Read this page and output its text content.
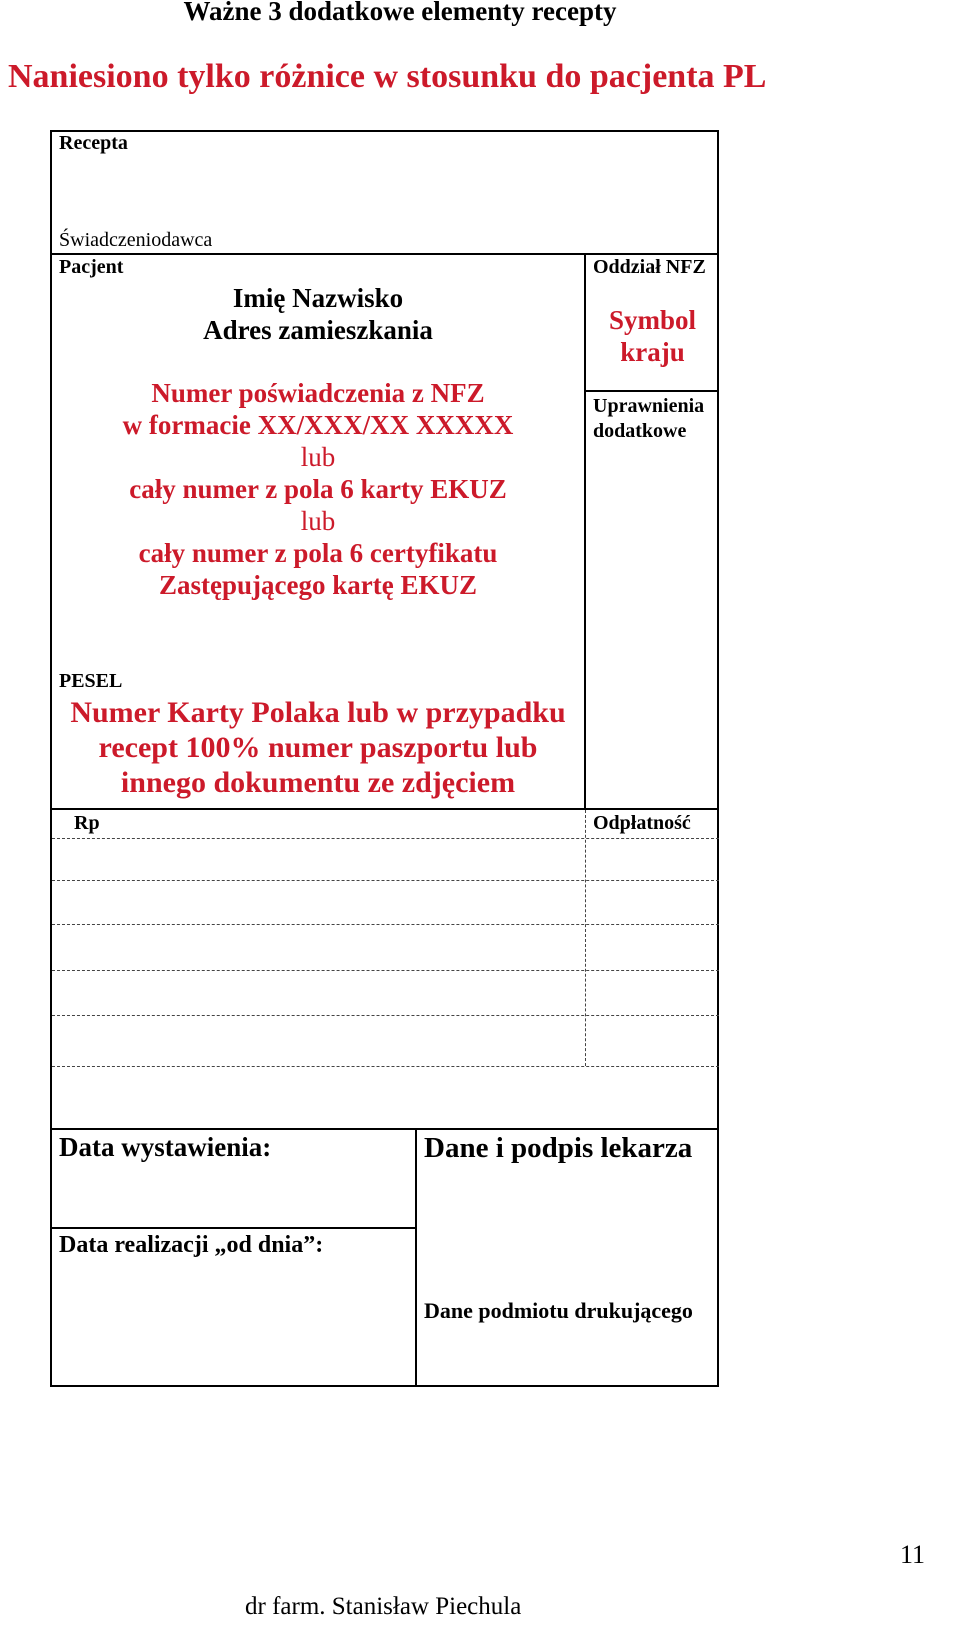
Ważne 3 dodatkowe elementy recepty
Naniesiono tylko różnice w stosunku do pacjenta PL
Recepta
Świadczeniodawca
Pacjent
Imię Nazwisko
Adres zamieszkania
Numer poświadczenia z NFZ
w formacie XX/XXX/XX XXXXX
lub
cały numer z pola 6 karty EKUZ
lub
cały numer z pola 6 certyfikatu
Zastępującego kartę EKUZ
Oddział NFZ
Symbol
kraju
Uprawnienia
dodatkowe
PESEL
Numer Karty Polaka lub w przypadku
recept 100% numer paszportu lub
innego dokumentu ze zdjęciem
Rp	Odpłatność
Data wystawienia:	Dane i podpis lekarza
Data realizacji „od dnia”:
Dane podmiotu drukującego
11
dr farm. Stanisław Piechula
